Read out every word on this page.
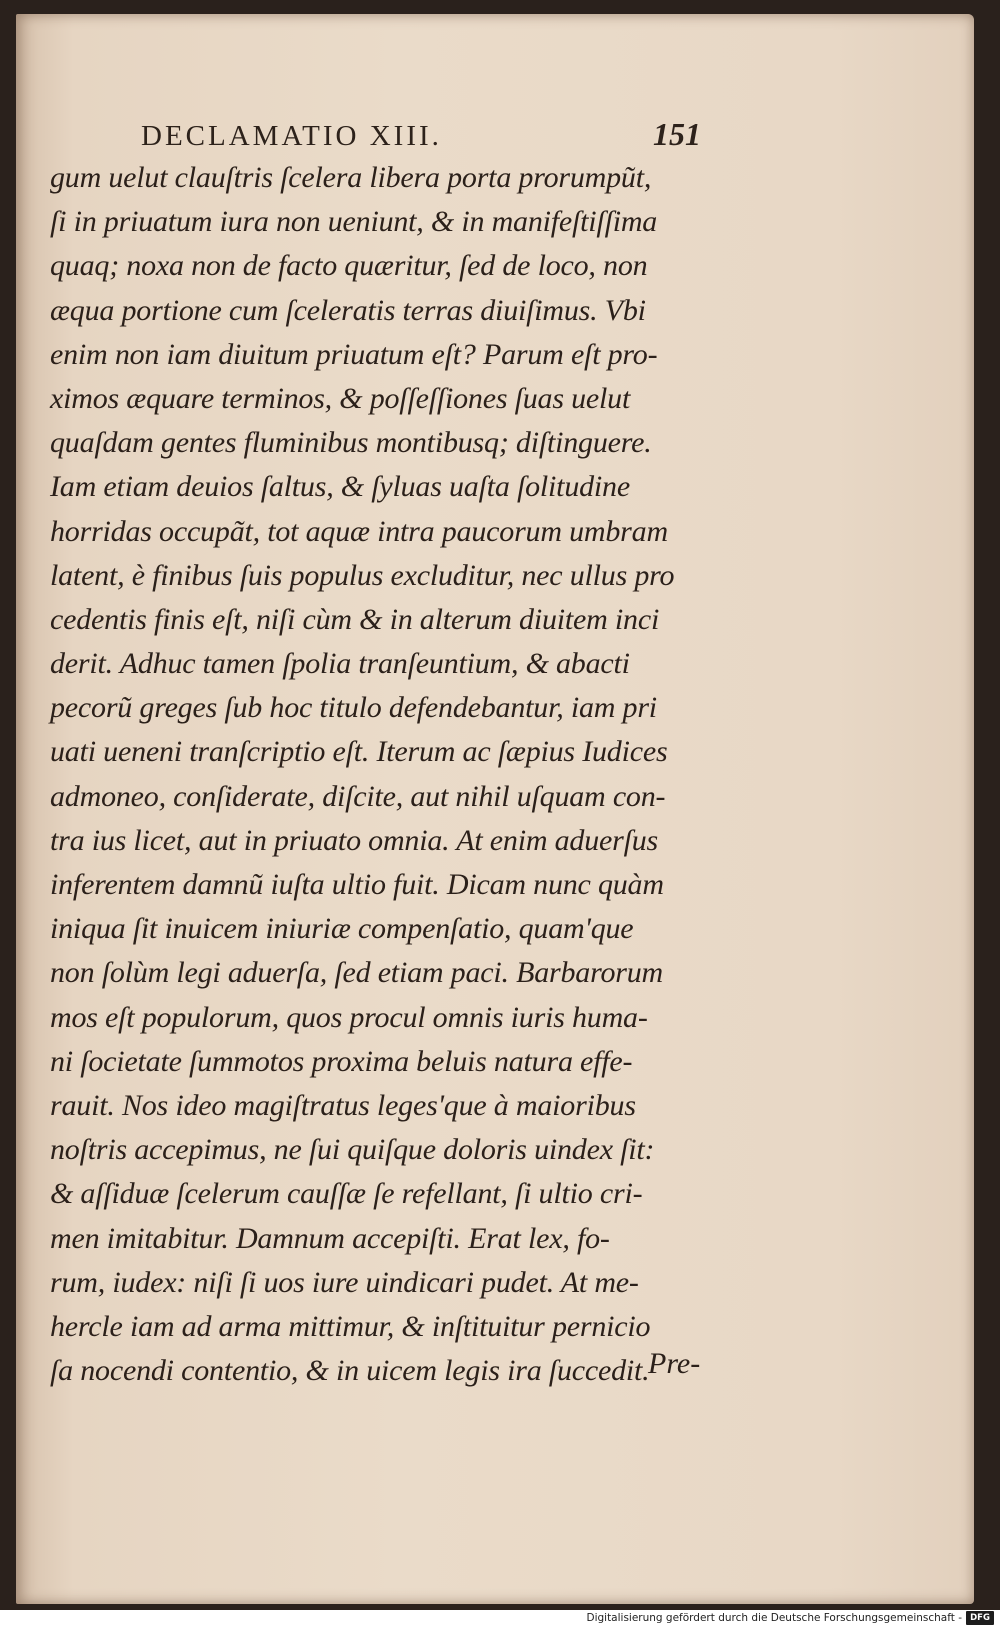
DECLAMATIO XIII.	151
gum uelut clauſtris ſcelera libera porta prorumpũt,
ſi in priuatum iura non ueniunt, & in manifeſtiſſima
quaq; noxa non de facto quæritur, ſed de loco, non
æqua portione cum ſceleratis terras diuiſimus. Vbi
enim non iam diuitum priuatum eſt? Parum eſt pro-
ximos æquare terminos, & poſſeſſiones ſuas uelut
quaſdam gentes fluminibus montibusq; diſtinguere.
Iam etiam deuios ſaltus, & ſyluas uaſta ſolitudine
horridas occupãt, tot aquæ intra paucorum umbram
latent, è finibus ſuis populus excluditur, nec ullus pro
cedentis finis eſt, niſi cùm & in alterum diuitem inci
derit. Adhuc tamen ſpolia tranſeuntium, & abacti
pecorũ greges ſub hoc titulo defendebantur, iam pri
uati ueneni tranſcriptio eſt. Iterum ac ſæpius Iudices
admoneo, conſiderate, diſcite, aut nihil uſquam con-
tra ius licet, aut in priuato omnia. At enim aduerſus
inferentem damnũ iuſta ultio fuit. Dicam nunc quàm
iniqua ſit inuicem iniuriæ compenſatio, quam'que
non ſolùm legi aduerſa, ſed etiam paci. Barbarorum
mos eſt populorum, quos procul omnis iuris huma-
ni ſocietate ſummotos proxima beluis natura effe-
rauit. Nos ideo magiſtratus leges'que à maioribus
noſtris accepimus, ne ſui quiſque doloris uindex ſit:
& aſſiduæ ſcelerum cauſſæ ſe refellant, ſi ultio cri-
men imitabitur. Damnum accepiſti. Erat lex, fo-
rum, iudex: niſi ſi uos iure uindicari pudet. At me-
hercle iam ad arma mittimur, & inſtituitur pernicio
ſa nocendi contentio, & in uicem legis ira ſuccedit.
Pre-
Digitalisierung gefördert durch die Deutsche Forschungsgemeinschaft - DFG
